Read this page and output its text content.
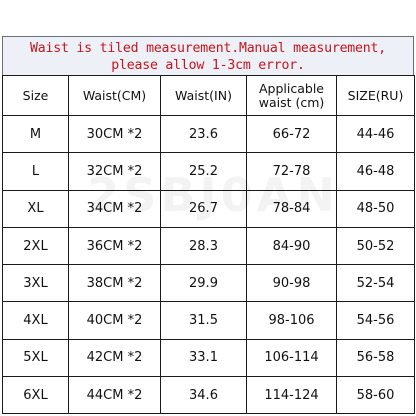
Waist is tiled measurement.Manual measurement,
please allow 1-3cm error.
Size	Waist(CM)	Waist(IN)	Applicable waist (cm)	SIZE(RU)
M	30CM *2	23.6	66-72	44-46
L	32CM *2	25.2	72-78	46-48
XL	34CM *2	26.7	78-84	48-50
2XL	36CM *2	28.3	84-90	50-52
3XL	38CM *2	29.9	90-98	52-54
4XL	40CM *2	31.5	98-106	54-56
5XL	42CM *2	33.1	106-114	56-58
6XL	44CM *2	34.6	114-124	58-60
